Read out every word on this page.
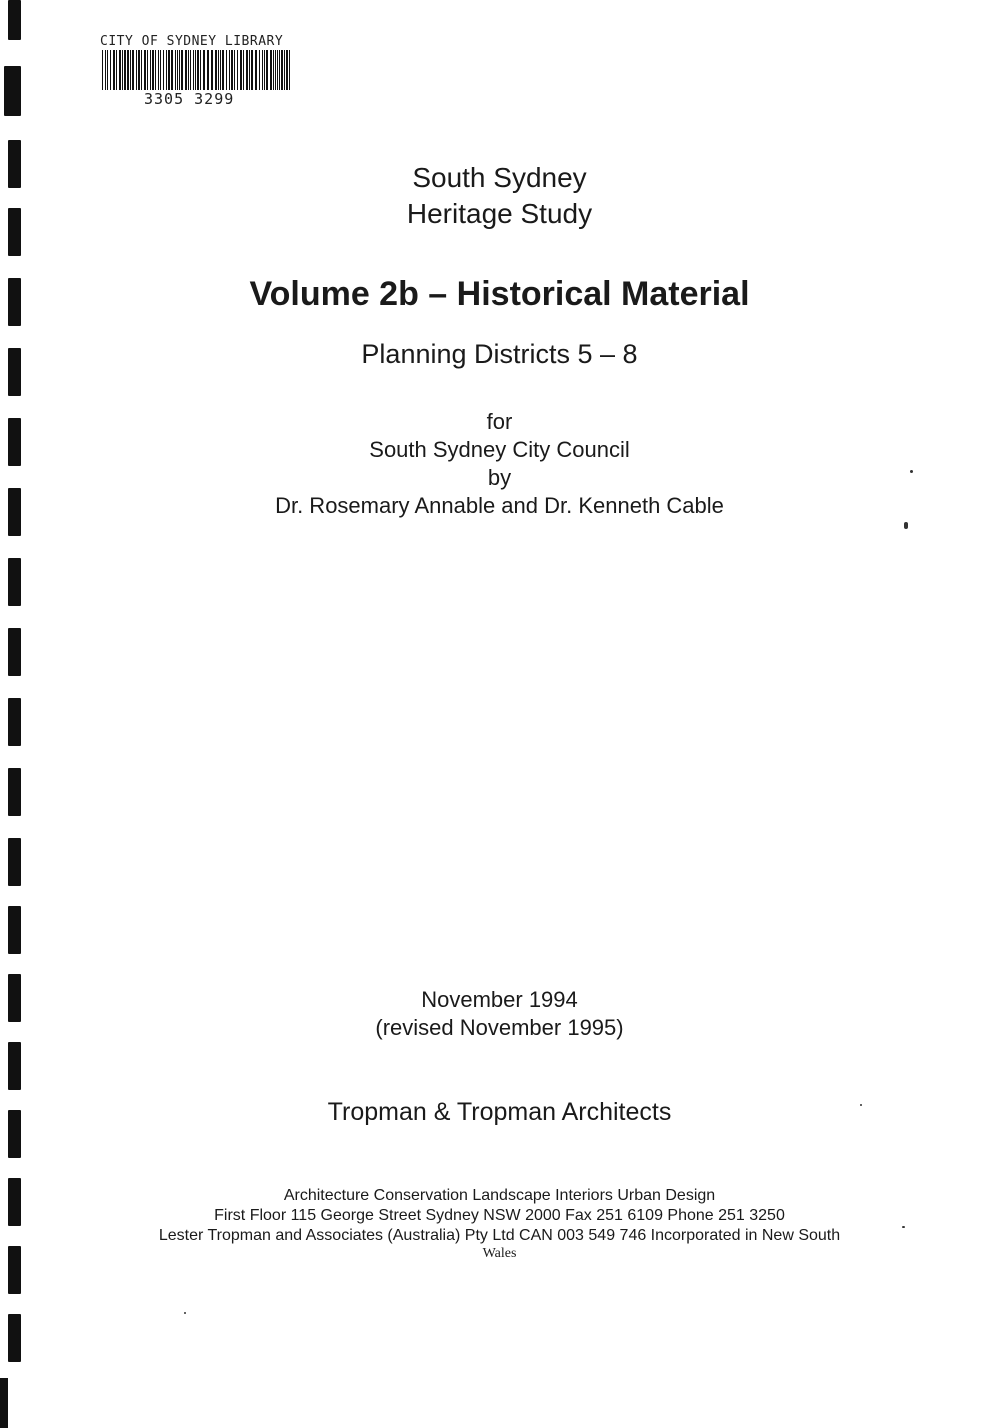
CITY OF SYDNEY LIBRARY
3305 3299

South Sydney

Heritage Study

Volume 2b – Historical Material

Planning Districts 5 – 8

for

South Sydney City Council

by

Dr. Rosemary Annable and Dr. Kenneth Cable

November 1994

(revised November 1995)

Tropman & Tropman Architects

Architecture Conservation Landscape Interiors Urban Design

First Floor 115 George Street Sydney NSW 2000 Fax 251 6109 Phone 251 3250

Lester Tropman and Associates (Australia) Pty Ltd CAN 003 549 746 Incorporated in New South

Wales
